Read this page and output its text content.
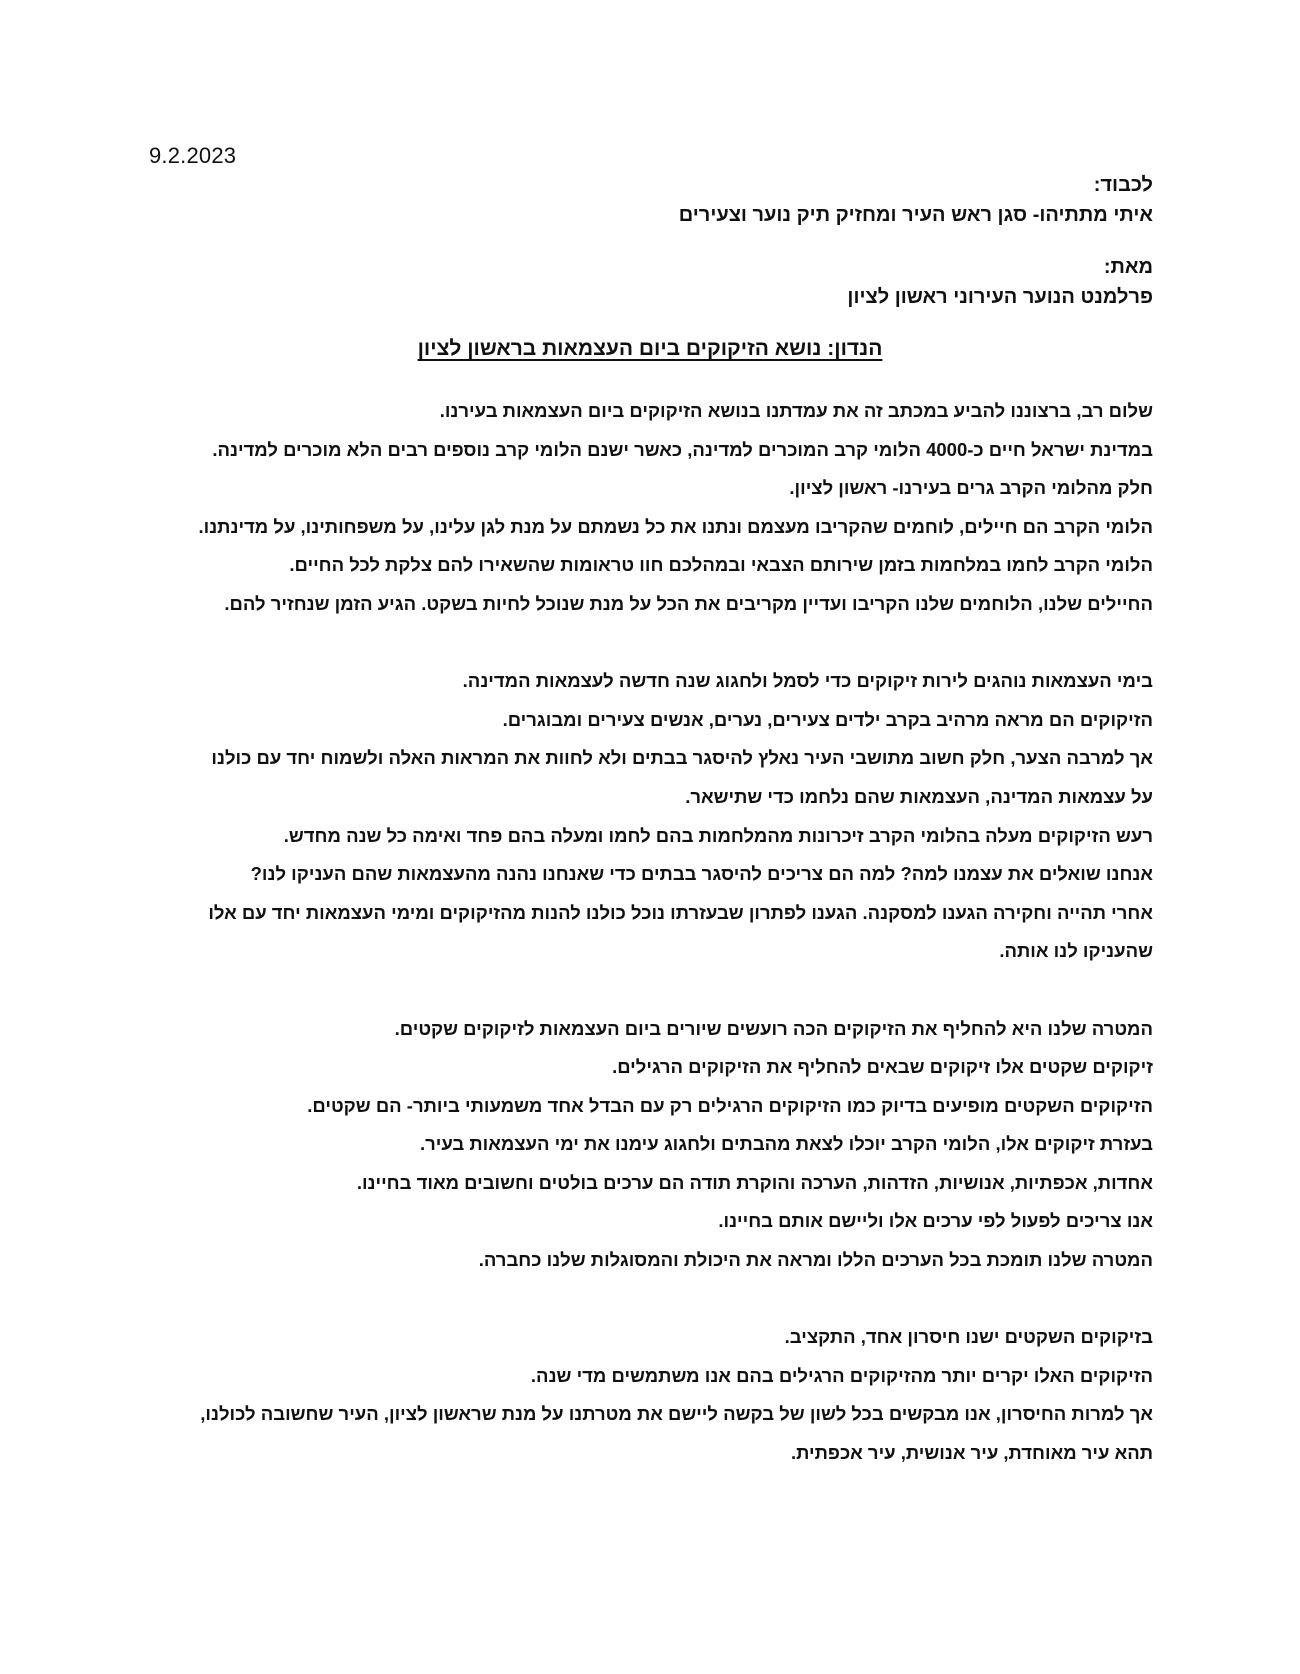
9.2.2023
לכבוד:
איתי מתתיהו- סגן ראש העיר ומחזיק תיק נוער וצעירים
מאת:
פרלמנט הנוער העירוני ראשון לציון
הנדון: נושא הזיקוקים ביום העצמאות בראשון לציון
שלום רב, ברצוננו להביע במכתב זה את עמדתנו בנושא הזיקוקים ביום העצמאות בעירנו.
במדינת ישראל חיים כ-4000 הלומי קרב המוכרים למדינה, כאשר ישנם הלומי קרב נוספים רבים הלא מוכרים למדינה.
חלק מהלומי הקרב גרים בעירנו- ראשון לציון.
הלומי הקרב הם חיילים, לוחמים שהקריבו מעצמם ונתנו את כל נשמתם על מנת לגן עלינו, על משפחותינו, על מדינתנו.
הלומי הקרב לחמו במלחמות בזמן שירותם הצבאי ובמהלכם חוו טראומות שהשאירו להם צלקת לכל החיים.
החיילים שלנו, הלוחמים שלנו הקריבו ועדיין מקריבים את הכל על מנת שנוכל לחיות בשקט. הגיע הזמן שנחזיר להם.
בימי העצמאות נוהגים לירות זיקוקים כדי לסמל ולחגוג שנה חדשה לעצמאות המדינה.
הזיקוקים הם מראה מרהיב בקרב ילדים צעירים, נערים, אנשים צעירים ומבוגרים.
אך למרבה הצער, חלק חשוב מתושבי העיר נאלץ להיסגר בבתים ולא לחוות את המראות האלה ולשמוח יחד עם כולנו
על עצמאות המדינה, העצמאות שהם נלחמו כדי שתישאר.
רעש הזיקוקים מעלה בהלומי הקרב זיכרונות מהמלחמות בהם לחמו ומעלה בהם פחד ואימה כל שנה מחדש.
אנחנו שואלים את עצמנו למה? למה הם צריכים להיסגר בבתים כדי שאנחנו נהנה מהעצמאות שהם העניקו לנו?
אחרי תהייה וחקירה הגענו למסקנה. הגענו לפתרון שבעזרתו נוכל כולנו להנות מהזיקוקים ומימי העצמאות יחד עם אלו
שהעניקו לנו אותה.
המטרה שלנו היא להחליף את הזיקוקים הכה רועשים שיורים ביום העצמאות לזיקוקים שקטים.
זיקוקים שקטים אלו זיקוקים שבאים להחליף את הזיקוקים הרגילים.
הזיקוקים השקטים מופיעים בדיוק כמו הזיקוקים הרגילים רק עם הבדל אחד משמעותי ביותר- הם שקטים.
בעזרת זיקוקים אלו, הלומי הקרב יוכלו לצאת מהבתים ולחגוג עימנו את ימי העצמאות בעיר.
אחדות, אכפתיות, אנושיות, הזדהות, הערכה והוקרת תודה הם ערכים בולטים וחשובים מאוד בחיינו.
אנו צריכים לפעול לפי ערכים אלו וליישם אותם בחיינו.
המטרה שלנו תומכת בכל הערכים הללו ומראה את היכולת והמסוגלות שלנו כחברה.
בזיקוקים השקטים ישנו חיסרון אחד, התקציב.
הזיקוקים האלו יקרים יותר מהזיקוקים הרגילים בהם אנו משתמשים מדי שנה.
אך למרות החיסרון, אנו מבקשים בכל לשון של בקשה ליישם את מטרתנו על מנת שראשון לציון, העיר שחשובה לכולנו,
תהא עיר מאוחדת, עיר אנושית, עיר אכפתית.
